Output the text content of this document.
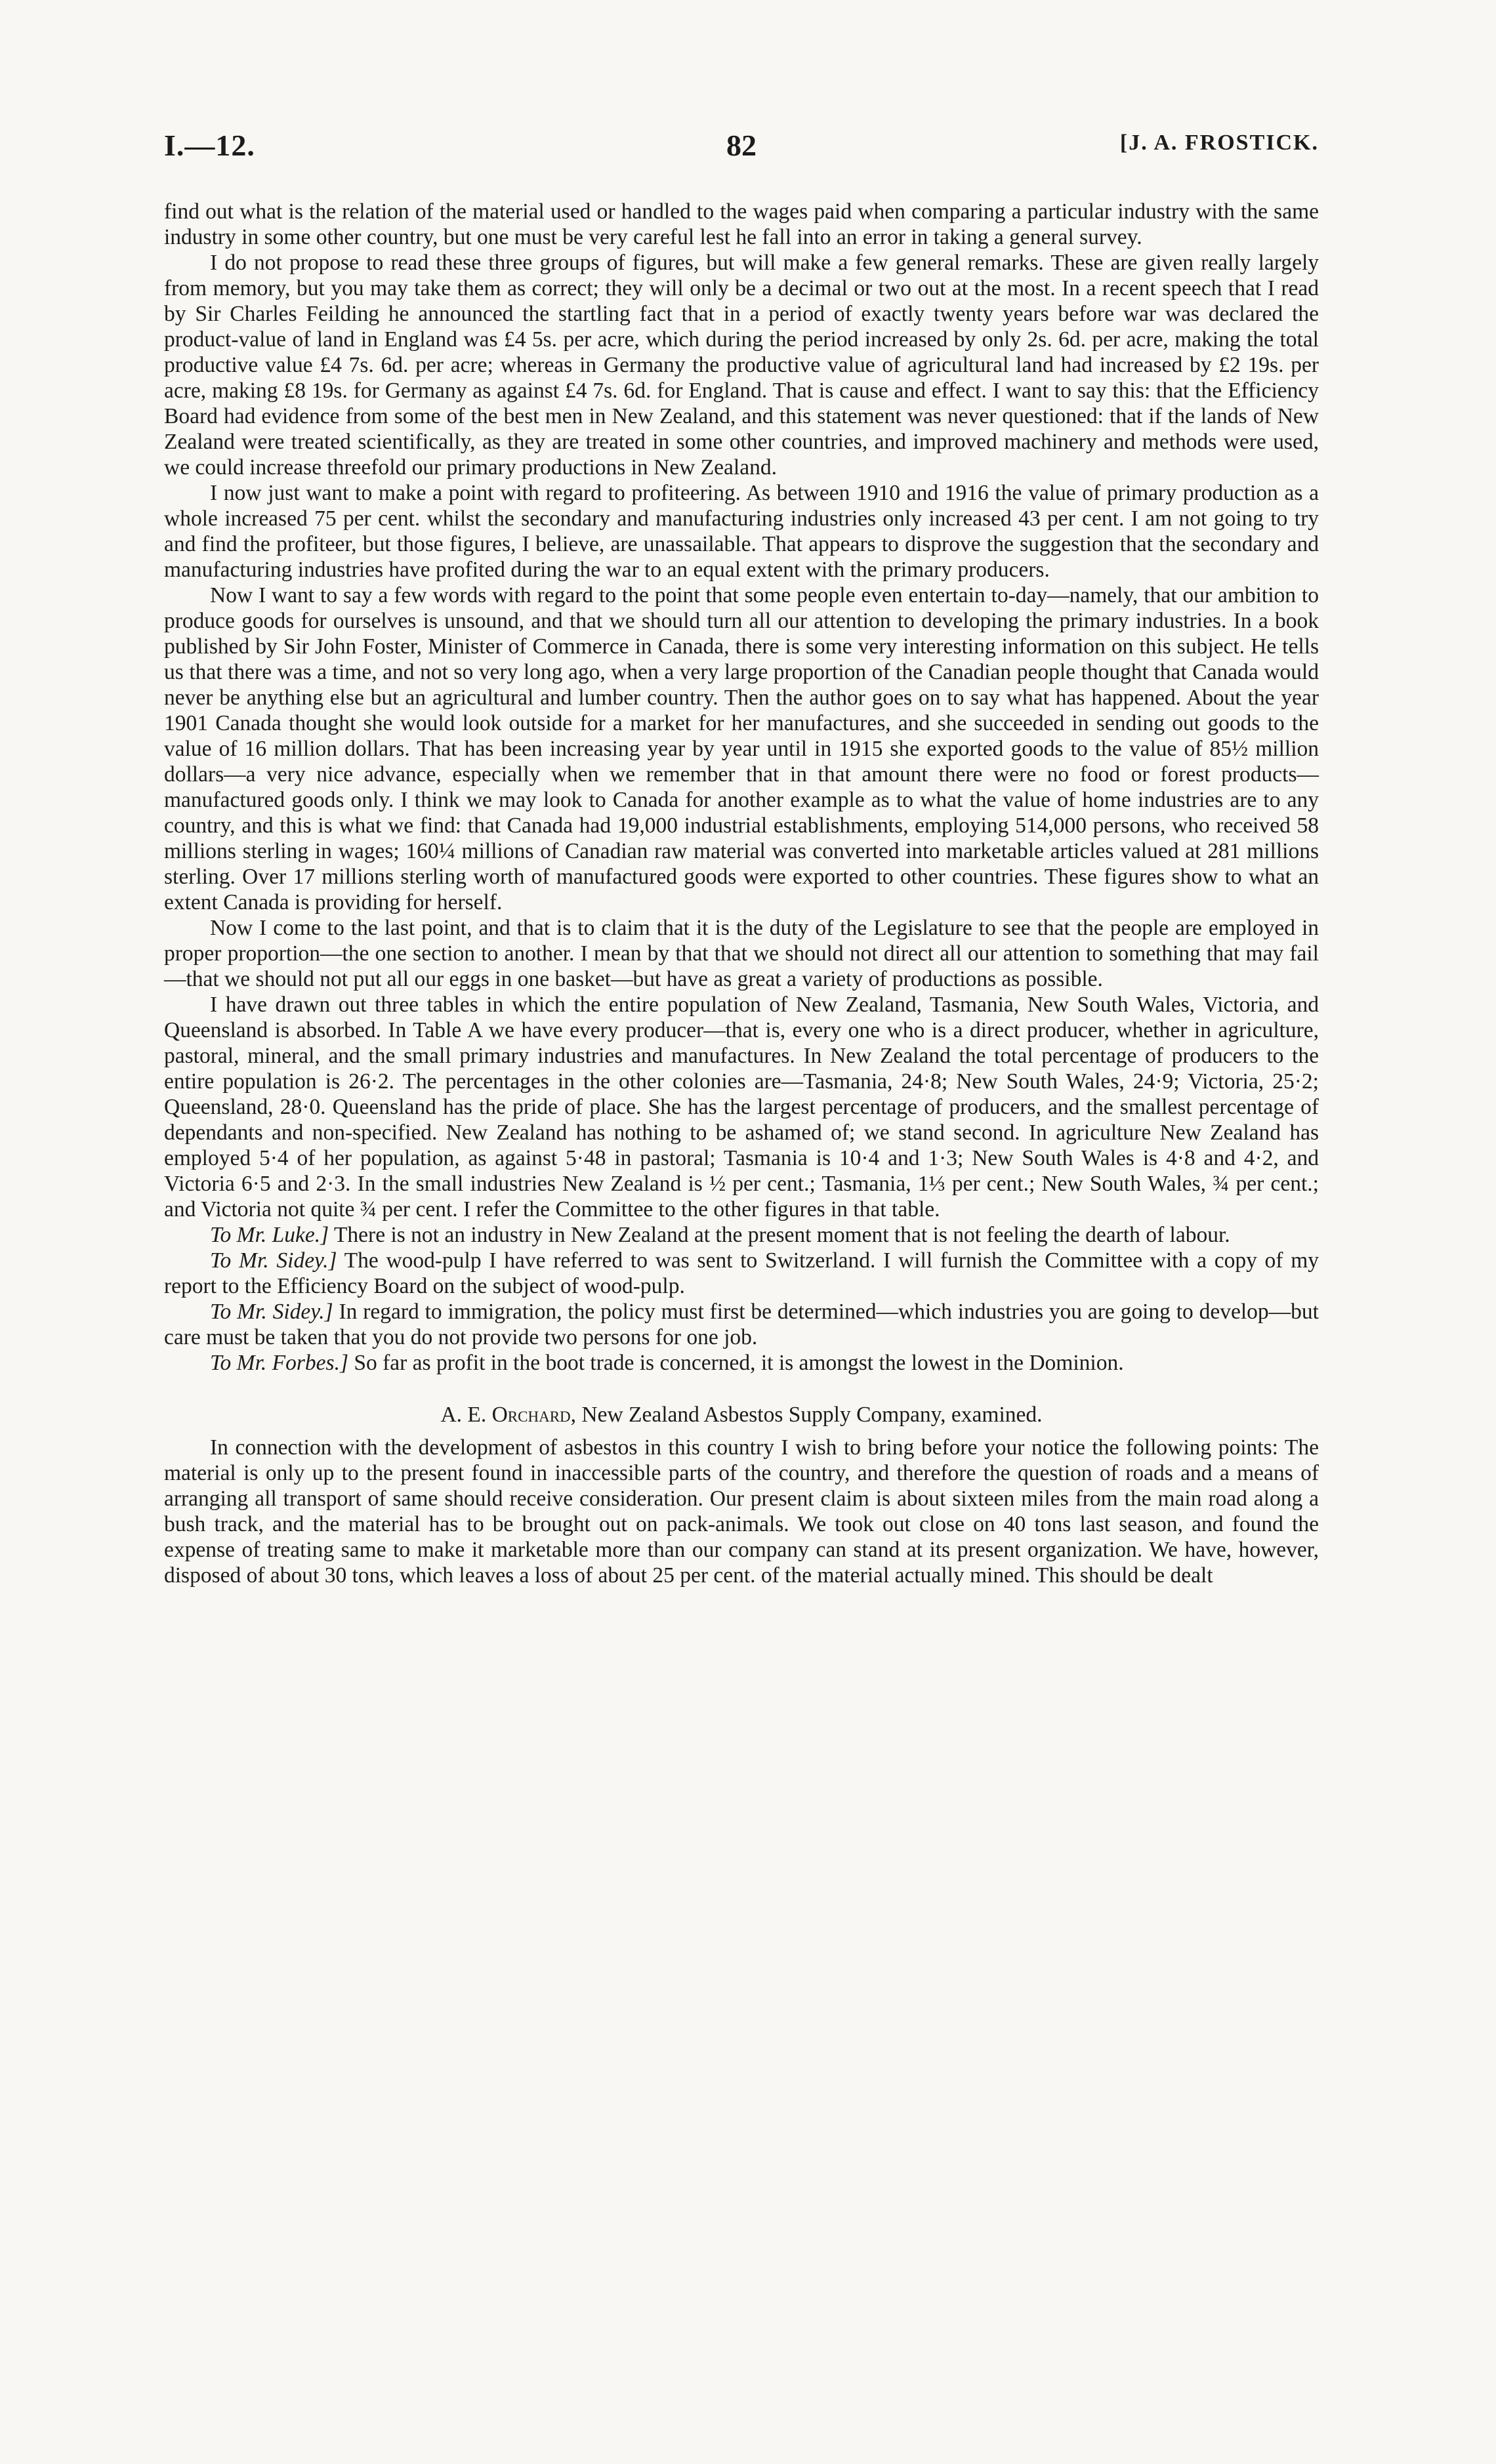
I.—12.	82	[J. A. FROSTICK.

find out what is the relation of the material used or handled to the wages paid when comparing a particular industry with the same industry in some other country, but one must be very careful lest he fall into an error in taking a general survey.

I do not propose to read these three groups of figures, but will make a few general remarks. These are given really largely from memory, but you may take them as correct; they will only be a decimal or two out at the most. In a recent speech that I read by Sir Charles Feilding he announced the startling fact that in a period of exactly twenty years before war was declared the product-value of land in England was £4 5s. per acre, which during the period increased by only 2s. 6d. per acre, making the total productive value £4 7s. 6d. per acre; whereas in Germany the productive value of agricultural land had increased by £2 19s. per acre, making £8 19s. for Germany as against £4 7s. 6d. for England. That is cause and effect. I want to say this: that the Efficiency Board had evidence from some of the best men in New Zealand, and this statement was never questioned: that if the lands of New Zealand were treated scientifically, as they are treated in some other countries, and improved machinery and methods were used, we could increase threefold our primary productions in New Zealand.

I now just want to make a point with regard to profiteering. As between 1910 and 1916 the value of primary production as a whole increased 75 per cent. whilst the secondary and manufacturing industries only increased 43 per cent. I am not going to try and find the profiteer, but those figures, I believe, are unassailable. That appears to disprove the suggestion that the secondary and manufacturing industries have profited during the war to an equal extent with the primary producers.

Now I want to say a few words with regard to the point that some people even entertain to-day—namely, that our ambition to produce goods for ourselves is unsound, and that we should turn all our attention to developing the primary industries. In a book published by Sir John Foster, Minister of Commerce in Canada, there is some very interesting information on this subject. He tells us that there was a time, and not so very long ago, when a very large proportion of the Canadian people thought that Canada would never be anything else but an agricultural and lumber country. Then the author goes on to say what has happened. About the year 1901 Canada thought she would look outside for a market for her manufactures, and she succeeded in sending out goods to the value of 16 million dollars. That has been increasing year by year until in 1915 she exported goods to the value of 85½ million dollars—a very nice advance, especially when we remember that in that amount there were no food or forest products—manufactured goods only. I think we may look to Canada for another example as to what the value of home industries are to any country, and this is what we find: that Canada had 19,000 industrial establishments, employing 514,000 persons, who received 58 millions sterling in wages; 160¼ millions of Canadian raw material was converted into marketable articles valued at 281 millions sterling. Over 17 millions sterling worth of manufactured goods were exported to other countries. These figures show to what an extent Canada is providing for herself.

Now I come to the last point, and that is to claim that it is the duty of the Legislature to see that the people are employed in proper proportion—the one section to another. I mean by that that we should not direct all our attention to something that may fail—that we should not put all our eggs in one basket—but have as great a variety of productions as possible.

I have drawn out three tables in which the entire population of New Zealand, Tasmania, New South Wales, Victoria, and Queensland is absorbed. In Table A we have every producer—that is, every one who is a direct producer, whether in agriculture, pastoral, mineral, and the small primary industries and manufactures. In New Zealand the total percentage of producers to the entire population is 26·2. The percentages in the other colonies are—Tasmania, 24·8; New South Wales, 24·9; Victoria, 25·2; Queensland, 28·0. Queensland has the pride of place. She has the largest percentage of producers, and the smallest percentage of dependants and non-specified. New Zealand has nothing to be ashamed of; we stand second. In agriculture New Zealand has employed 5·4 of her population, as against 5·48 in pastoral; Tasmania is 10·4 and 1·3; New South Wales is 4·8 and 4·2, and Victoria 6·5 and 2·3. In the small industries New Zealand is ½ per cent.; Tasmania, 1⅓ per cent.; New South Wales, ¾ per cent.; and Victoria not quite ¾ per cent. I refer the Committee to the other figures in that table.

To Mr. Luke.] There is not an industry in New Zealand at the present moment that is not feeling the dearth of labour.

To Mr. Sidey.] The wood-pulp I have referred to was sent to Switzerland. I will furnish the Committee with a copy of my report to the Efficiency Board on the subject of wood-pulp.

To Mr. Sidey.] In regard to immigration, the policy must first be determined—which industries you are going to develop—but care must be taken that you do not provide two persons for one job.

To Mr. Forbes.] So far as profit in the boot trade is concerned, it is amongst the lowest in the Dominion.

A. E. Orchard, New Zealand Asbestos Supply Company, examined.

In connection with the development of asbestos in this country I wish to bring before your notice the following points: The material is only up to the present found in inaccessible parts of the country, and therefore the question of roads and a means of arranging all transport of same should receive consideration. Our present claim is about sixteen miles from the main road along a bush track, and the material has to be brought out on pack-animals. We took out close on 40 tons last season, and found the expense of treating same to make it marketable more than our company can stand at its present organization. We have, however, disposed of about 30 tons, which leaves a loss of about 25 per cent. of the material actually mined. This should be dealt
